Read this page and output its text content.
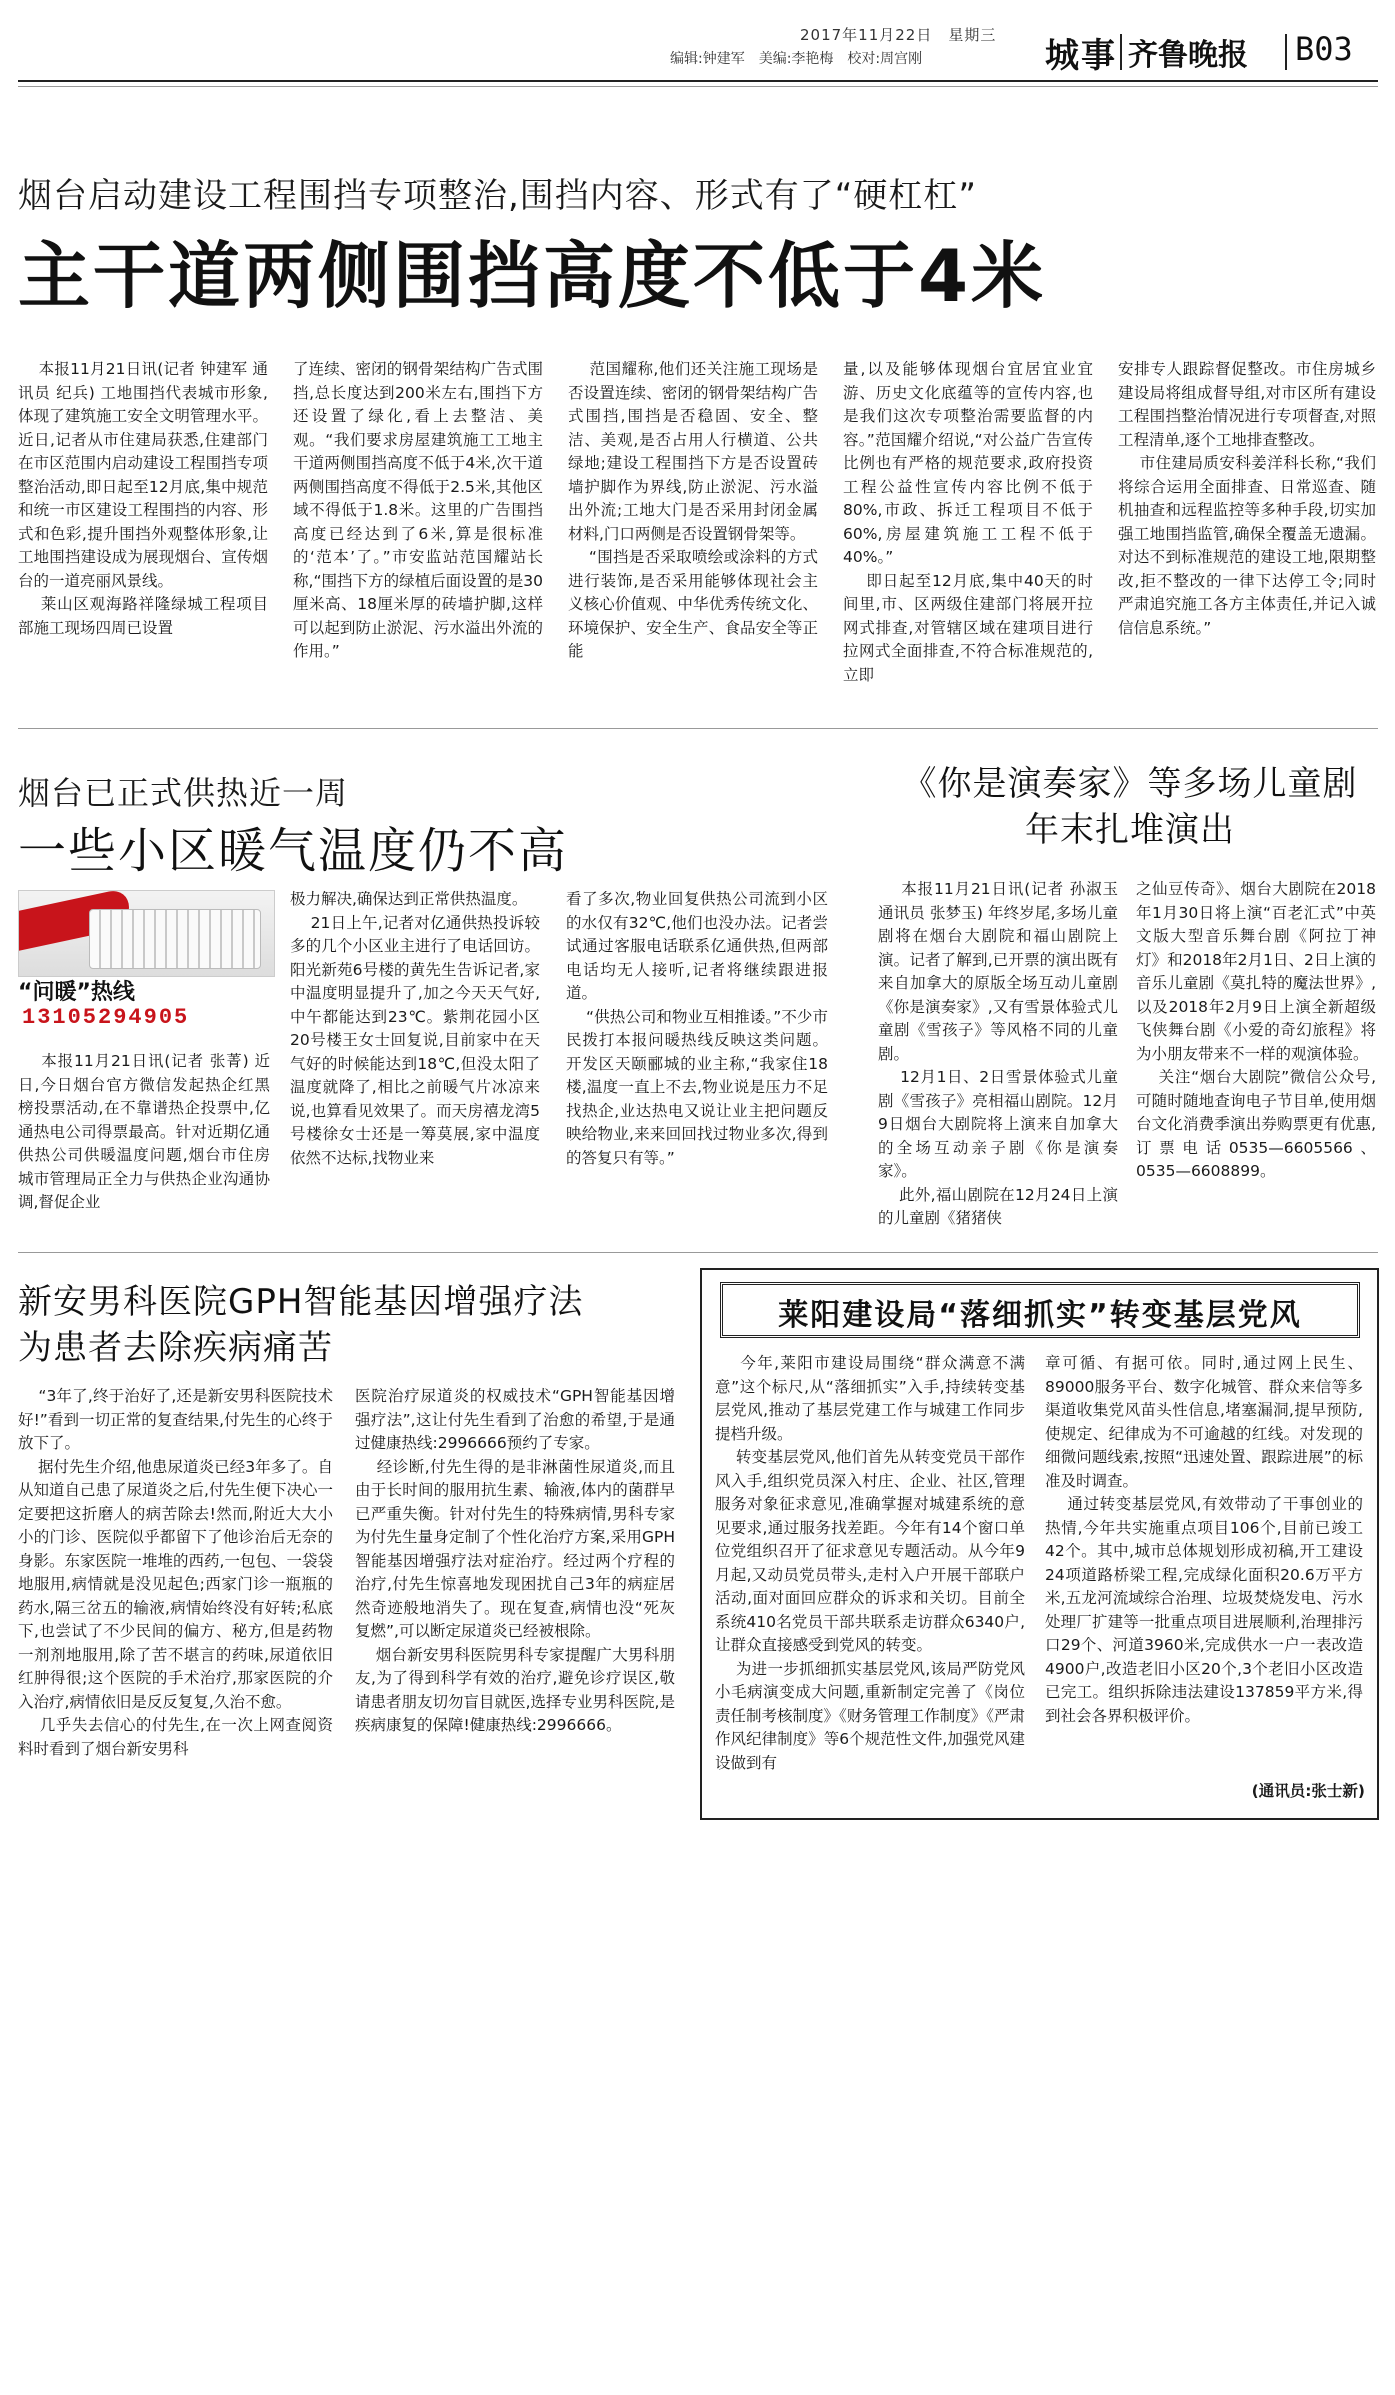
2017年11月22日　星期三
编辑:钟建军　美编:李艳梅　校对:周宫刚	城事 齐鲁晚报 B03
烟台启动建设工程围挡专项整治,围挡内容、形式有了“硬杠杠”
主干道两侧围挡高度不低于4米
本报11月21日讯(记者 钟建军 通讯员 纪兵) 工地围挡代表城市形象,体现了建筑施工安全文明管理水平。近日,记者从市住建局获悉,住建部门在市区范围内启动建设工程围挡专项整治活动,即日起至12月底,集中规范和统一市区建设工程围挡的内容、形式和色彩,提升围挡外观整体形象,让工地围挡建设成为展现烟台、宣传烟台的一道亮丽风景线。
莱山区观海路祥隆绿城工程项目部施工现场四周已设置
了连续、密闭的钢骨架结构广告式围挡,总长度达到200米左右,围挡下方还设置了绿化,看上去整洁、美观。“我们要求房屋建筑施工工地主干道两侧围挡高度不低于4米,次干道两侧围挡高度不得低于2.5米,其他区域不得低于1.8米。这里的广告围挡高度已经达到了6米,算是很标准的‘范本’了。”市安监站范国耀站长称,“围挡下方的绿植后面设置的是30厘米高、18厘米厚的砖墙护脚,这样可以起到防止淤泥、污水溢出外流的作用。”
范国耀称,他们还关注施工现场是否设置连续、密闭的钢骨架结构广告式围挡,围挡是否稳固、安全、整洁、美观,是否占用人行横道、公共绿地;建设工程围挡下方是否设置砖墙护脚作为界线,防止淤泥、污水溢出外流;工地大门是否采用封闭金属材料,门口两侧是否设置钢骨架等。
“围挡是否采取喷绘或涂料的方式进行装饰,是否采用能够体现社会主义核心价值观、中华优秀传统文化、环境保护、安全生产、食品安全等正能
量,以及能够体现烟台宜居宜业宜游、历史文化底蕴等的宣传内容,也是我们这次专项整治需要监督的内容。”范国耀介绍说,“对公益广告宣传比例也有严格的规范要求,政府投资工程公益性宣传内容比例不低于80%,市政、拆迁工程项目不低于60%,房屋建筑施工工程不低于40%。”
即日起至12月底,集中40天的时间里,市、区两级住建部门将展开拉网式排查,对管辖区域在建项目进行拉网式全面排查,不符合标准规范的,立即
安排专人跟踪督促整改。市住房城乡建设局将组成督导组,对市区所有建设工程围挡整治情况进行专项督查,对照工程清单,逐个工地排查整改。
市住建局质安科姜洋科长称,“我们将综合运用全面排查、日常巡查、随机抽查和远程监控等多种手段,切实加强工地围挡监管,确保全覆盖无遗漏。对达不到标准规范的建设工地,限期整改,拒不整改的一律下达停工令;同时严肃追究施工各方主体责任,并记入诚信信息系统。”
烟台已正式供热近一周
一些小区暖气温度仍不高
“问暖”热线
13105294905
本报11月21日讯(记者 张菁) 近日,今日烟台官方微信发起热企红黑榜投票活动,在不靠谱热企投票中,亿通热电公司得票最高。针对近期亿通供热公司供暖温度问题,烟台市住房城市管理局正全力与供热企业沟通协调,督促企业
极力解决,确保达到正常供热温度。
21日上午,记者对亿通供热投诉较多的几个小区业主进行了电话回访。阳光新苑6号楼的黄先生告诉记者,家中温度明显提升了,加之今天天气好,中午都能达到23℃。紫荆花园小区20号楼王女士回复说,目前家中在天气好的时候能达到18℃,但没太阳了温度就降了,相比之前暖气片冰凉来说,也算看见效果了。而天房禧龙湾5号楼徐女士还是一筹莫展,家中温度依然不达标,找物业来
看了多次,物业回复供热公司流到小区的水仅有32℃,他们也没办法。记者尝试通过客服电话联系亿通供热,但两部电话均无人接听,记者将继续跟进报道。
“供热公司和物业互相推诿。”不少市民拨打本报问暖热线反映这类问题。开发区天颐郦城的业主称,“我家住18楼,温度一直上不去,物业说是压力不足找热企,业达热电又说让业主把问题反映给物业,来来回回找过物业多次,得到的答复只有等。”
《你是演奏家》等多场儿童剧
年末扎堆演出
本报11月21日讯(记者 孙淑玉 通讯员 张梦玉) 年终岁尾,多场儿童剧将在烟台大剧院和福山剧院上演。记者了解到,已开票的演出既有来自加拿大的原版全场互动儿童剧《你是演奏家》,又有雪景体验式儿童剧《雪孩子》等风格不同的儿童剧。
12月1日、2日雪景体验式儿童剧《雪孩子》亮相福山剧院。12月9日烟台大剧院将上演来自加拿大的全场互动亲子剧《你是演奏家》。
此外,福山剧院在12月24日上演的儿童剧《猪猪侠
之仙豆传奇》、烟台大剧院在2018年1月30日将上演“百老汇式”中英文版大型音乐舞台剧《阿拉丁神灯》和2018年2月1日、2日上演的音乐儿童剧《莫扎特的魔法世界》,以及2018年2月9日上演全新超级飞侠舞台剧《小爱的奇幻旅程》将为小朋友带来不一样的观演体验。
关注“烟台大剧院”微信公众号,可随时随地查询电子节目单,使用烟台文化消费季演出券购票更有优惠,订票电话0535—6605566、0535—6608899。
新安男科医院GPH智能基因增强疗法
为患者去除疾病痛苦
“3年了,终于治好了,还是新安男科医院技术好!”看到一切正常的复查结果,付先生的心终于放下了。
据付先生介绍,他患尿道炎已经3年多了。自从知道自己患了尿道炎之后,付先生便下决心一定要把这折磨人的病苦除去!然而,附近大大小小的门诊、医院似乎都留下了他诊治后无奈的身影。东家医院一堆堆的西药,一包包、一袋袋地服用,病情就是没见起色;西家门诊一瓶瓶的药水,隔三岔五的输液,病情始终没有好转;私底下,也尝试了不少民间的偏方、秘方,但是药物一剂剂地服用,除了苦不堪言的药味,尿道依旧红肿得很;这个医院的手术治疗,那家医院的介入治疗,病情依旧是反反复复,久治不愈。
几乎失去信心的付先生,在一次上网查阅资料时看到了烟台新安男科
医院治疗尿道炎的权威技术“GPH智能基因增强疗法”,这让付先生看到了治愈的希望,于是通过健康热线:2996666预约了专家。
经诊断,付先生得的是非淋菌性尿道炎,而且由于长时间的服用抗生素、输液,体内的菌群早已严重失衡。针对付先生的特殊病情,男科专家为付先生量身定制了个性化治疗方案,采用GPH智能基因增强疗法对症治疗。经过两个疗程的治疗,付先生惊喜地发现困扰自己3年的病症居然奇迹般地消失了。现在复查,病情也没“死灰复燃”,可以断定尿道炎已经被根除。
烟台新安男科医院男科专家提醒广大男科朋友,为了得到科学有效的治疗,避免诊疗误区,敬请患者朋友切勿盲目就医,选择专业男科医院,是疾病康复的保障!健康热线:2996666。
莱阳建设局“落细抓实”转变基层党风
今年,莱阳市建设局围绕“群众满意不满意”这个标尺,从“落细抓实”入手,持续转变基层党风,推动了基层党建工作与城建工作同步提档升级。
转变基层党风,他们首先从转变党员干部作风入手,组织党员深入村庄、企业、社区,管理服务对象征求意见,准确掌握对城建系统的意见要求,通过服务找差距。今年有14个窗口单位党组织召开了征求意见专题活动。从今年9月起,又动员党员带头,走村入户开展干部联户活动,面对面回应群众的诉求和关切。目前全系统410名党员干部共联系走访群众6340户,让群众直接感受到党风的转变。
为进一步抓细抓实基层党风,该局严防党风小毛病演变成大问题,重新制定完善了《岗位责任制考核制度》《财务管理工作制度》《严肃作风纪律制度》等6个规范性文件,加强党风建设做到有
章可循、有据可依。同时,通过网上民生、89000服务平台、数字化城管、群众来信等多渠道收集党风苗头性信息,堵塞漏洞,提早预防,使规定、纪律成为不可逾越的红线。对发现的细微问题线索,按照“迅速处置、跟踪进展”的标准及时调查。
通过转变基层党风,有效带动了干事创业的热情,今年共实施重点项目106个,目前已竣工42个。其中,城市总体规划形成初稿,开工建设24项道路桥梁工程,完成绿化面积20.6万平方米,五龙河流域综合治理、垃圾焚烧发电、污水处理厂扩建等一批重点项目进展顺利,治理排污口29个、河道3960米,完成供水一户一表改造4900户,改造老旧小区20个,3个老旧小区改造已完工。组织拆除违法建设137859平方米,得到社会各界积极评价。
(通讯员:张士新)
